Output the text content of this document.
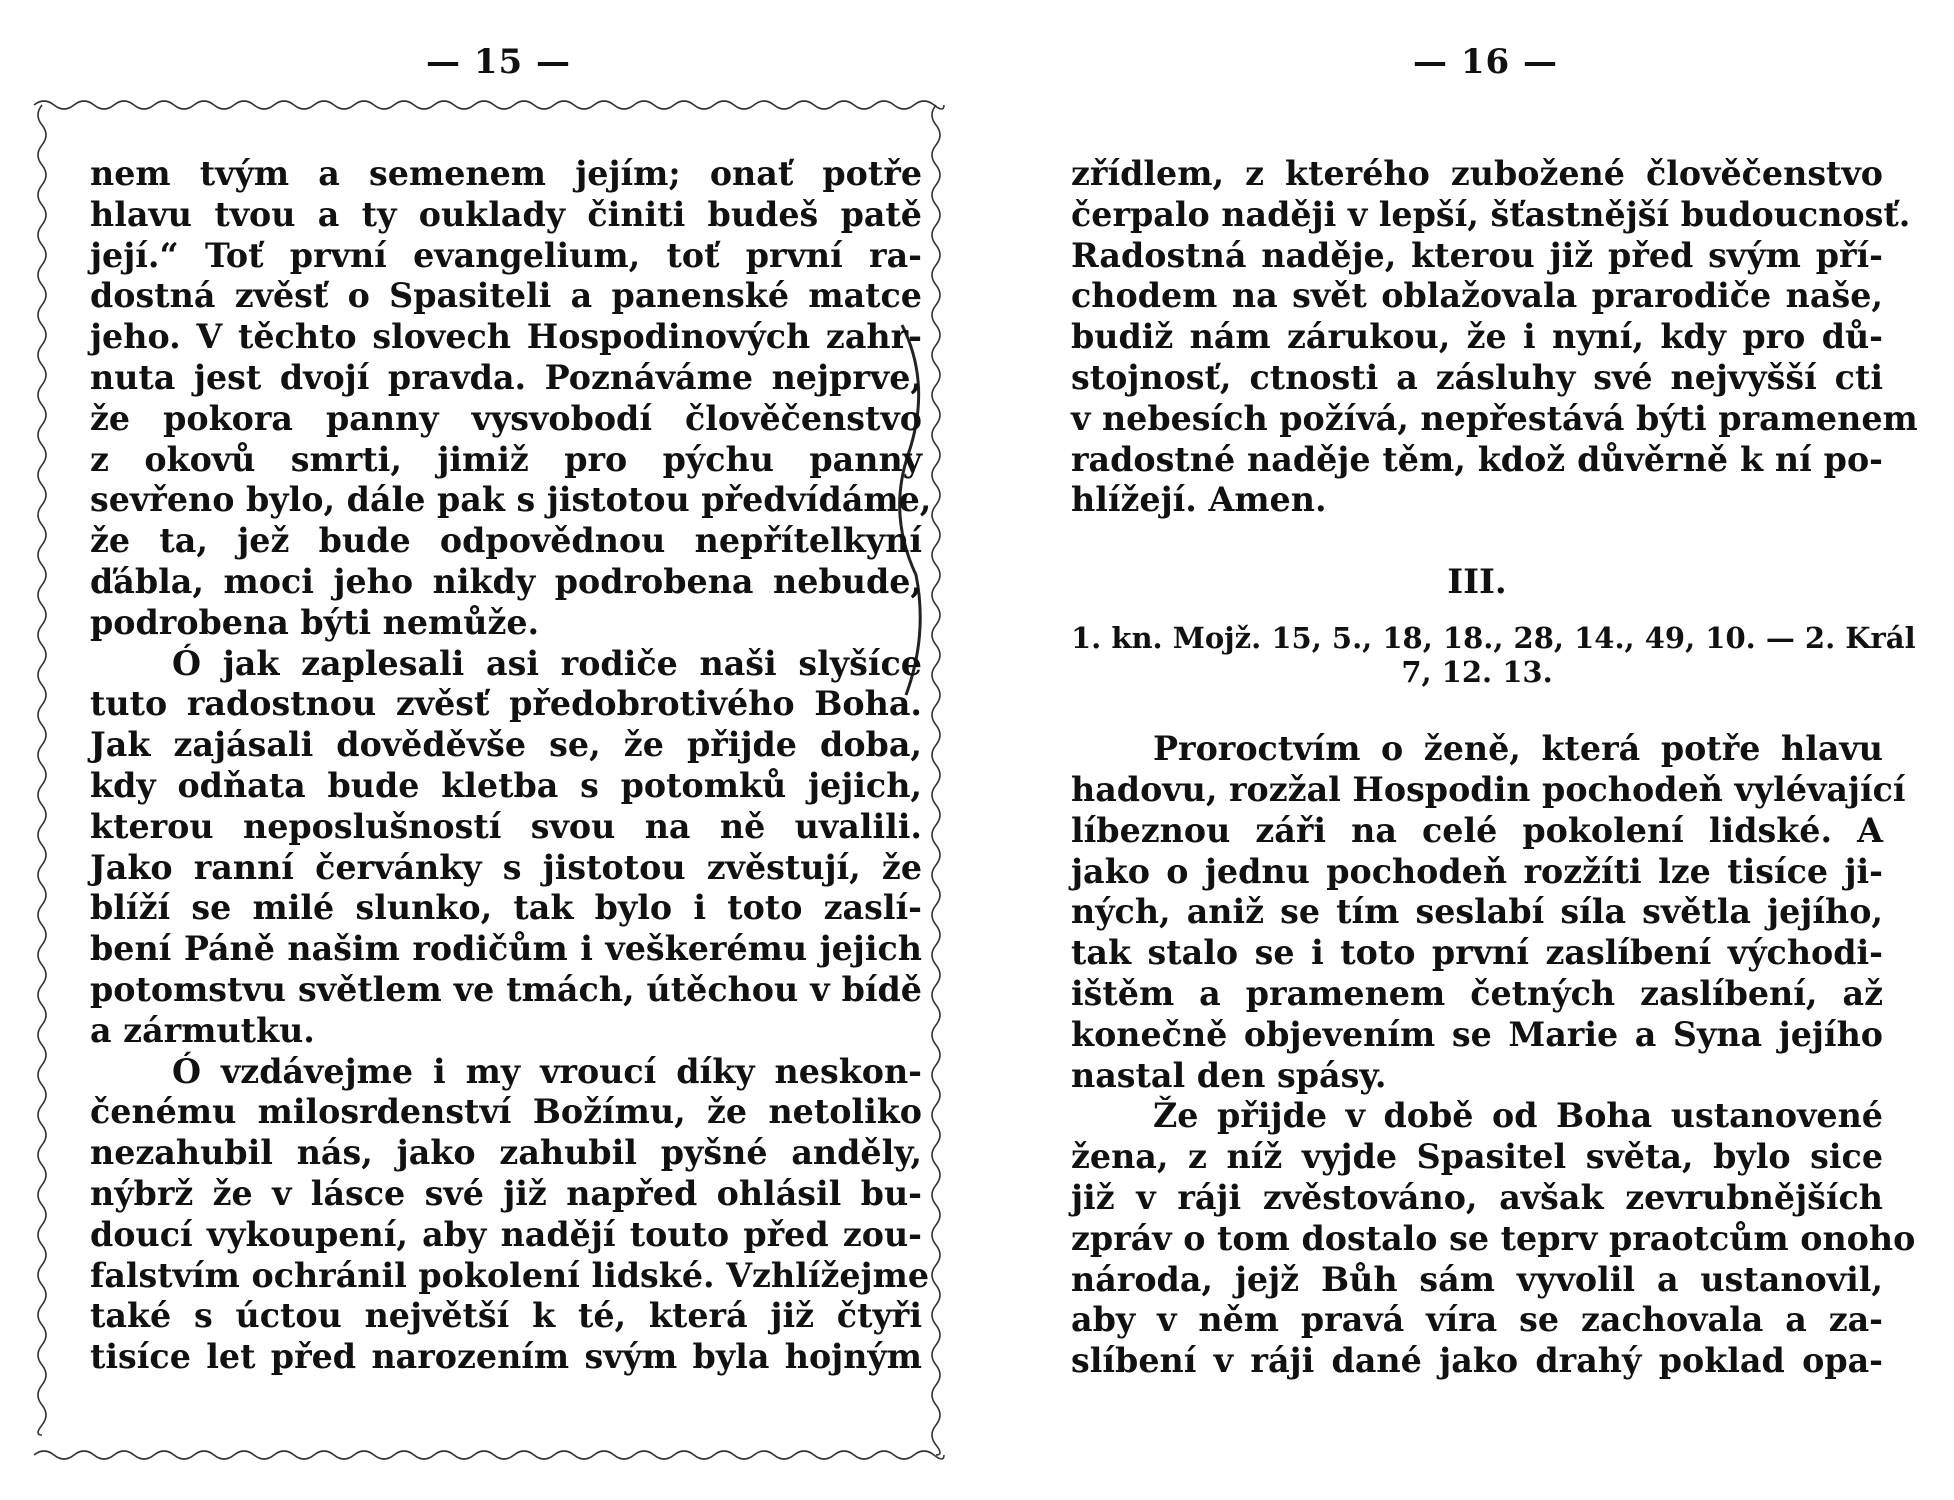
— 15 —
nem tvým a semenem jejím; onať potře
hlavu tvou a ty ouklady činiti budeš patě
její.“ Toť první evangelium, toť první ra-
dostná zvěsť o Spasiteli a panenské matce
jeho. V těchto slovech Hospodinových zahr-
nuta jest dvojí pravda. Poznáváme nejprve,
že pokora panny vysvobodí člověčenstvo
z okovů smrti, jimiž pro pýchu panny
sevřeno bylo, dále pak s jistotou předvídáme,
že ta, jež bude odpovědnou nepřítelkyní
ďábla, moci jeho nikdy podrobena nebude,
podrobena býti nemůže.
Ó jak zaplesali asi rodiče naši slyšíce
tuto radostnou zvěsť předobrotivého Boha.
Jak zajásali dověděvše se, že přijde doba,
kdy odňata bude kletba s potomků jejich,
kterou neposlušností svou na ně uvalili.
Jako ranní červánky s jistotou zvěstují, že
blíží se milé slunko, tak bylo i toto zaslí-
bení Páně našim rodičům i veškerému jejich
potomstvu světlem ve tmách, útěchou v bídě
a zármutku.
Ó vzdávejme i my vroucí díky neskon-
čenému milosrdenství Božímu, že netoliko
nezahubil nás, jako zahubil pyšné anděly,
nýbrž že v lásce své již napřed ohlásil bu-
doucí vykoupení, aby nadějí touto před zou-
falstvím ochránil pokolení lidské. Vzhlížejme
také s úctou největší k té, která již čtyři
tisíce let před narozením svým byla hojným
— 16 —
zřídlem, z kterého zubožené člověčenstvo
čerpalo naději v lepší, šťastnější budoucnosť.
Radostná naděje, kterou již před svým pří-
chodem na svět oblažovala prarodiče naše,
budiž nám zárukou, že i nyní, kdy pro dů-
stojnosť, ctnosti a zásluhy své nejvyšší cti
v nebesích požívá, nepřestává býti pramenem
radostné naděje těm, kdož důvěrně k ní po-
hlížejí. Amen.
III.
1. kn. Mojž. 15, 5., 18, 18., 28, 14., 49, 10. — 2. Král
7, 12. 13.
Proroctvím o ženě, která potře hlavu
hadovu, rozžal Hospodin pochodeň vylévající
líbeznou záři na celé pokolení lidské. A
jako o jednu pochodeň rozžíti lze tisíce ji-
ných, aniž se tím seslabí síla světla jejího,
tak stalo se i toto první zaslíbení východi-
ištěm a pramenem četných zaslíbení, až
konečně objevením se Marie a Syna jejího
nastal den spásy.
Že přijde v době od Boha ustanovené
žena, z níž vyjde Spasitel světa, bylo sice
již v ráji zvěstováno, avšak zevrubnějších
zpráv o tom dostalo se teprv praotcům onoho
národa, jejž Bůh sám vyvolil a ustanovil,
aby v něm pravá víra se zachovala a za-
slíbení v ráji dané jako drahý poklad opa-
